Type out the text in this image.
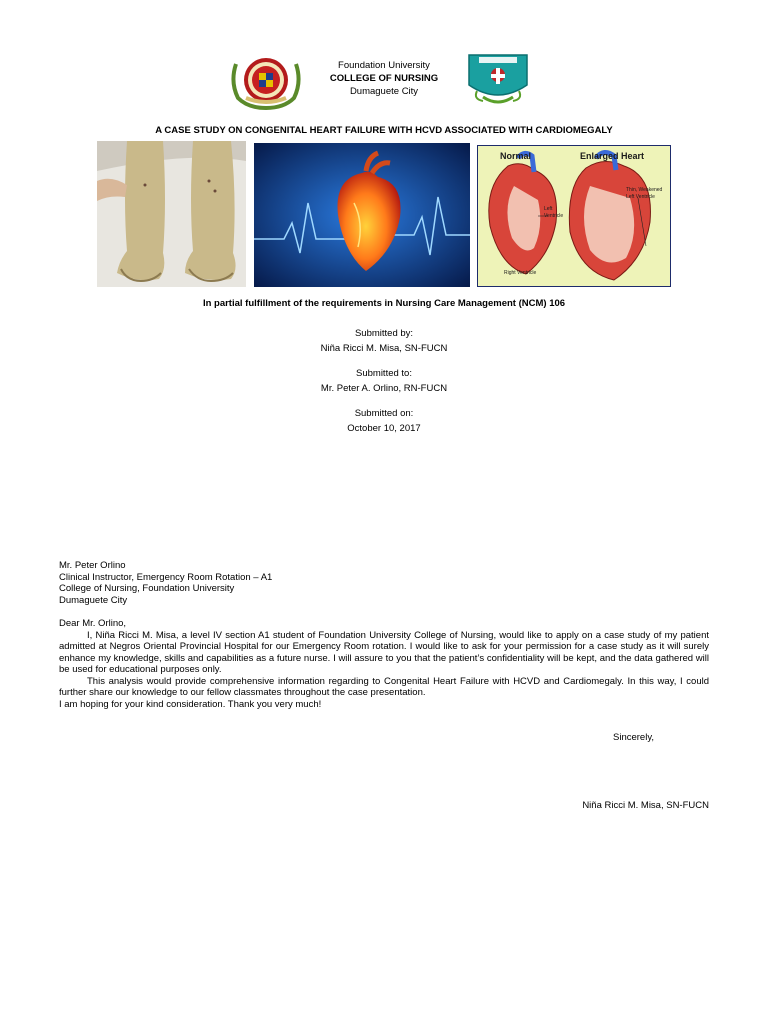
Foundation University
COLLEGE OF NURSING
Dumaguete City
A CASE STUDY ON CONGENITAL HEART FAILURE WITH HCVD ASSOCIATED WITH CARDIOMEGALY
Normal	Enlarged Heart
Thin, Weakened
Left Ventricle
Left
Ventricle
Right Ventricle
In partial fulfillment of the requirements in Nursing Care Management (NCM) 106
Submitted by:
Niña Ricci M. Misa, SN-FUCN
Submitted to:
Mr. Peter A. Orlino, RN-FUCN
Submitted on:
October 10, 2017
Mr. Peter Orlino
Clinical Instructor, Emergency Room Rotation – A1
College of Nursing, Foundation University
Dumaguete City
Dear Mr. Orlino,
I, Niña Ricci M. Misa, a level IV section A1 student of Foundation University College of Nursing, would like to apply on a case study of my patient admitted at Negros Oriental Provincial Hospital for our Emergency Room rotation. I would like to ask for your permission for a case study as it will surely enhance my knowledge, skills and capabilities as a future nurse. I will assure to you that the patient’s confidentiality will be kept, and the data gathered will be used for educational purposes only.
This analysis would provide comprehensive information regarding to Congenital Heart Failure with HCVD and Cardiomegaly. In this way, I could further share our knowledge to our fellow classmates throughout the case presentation.
I am hoping for your kind consideration. Thank you very much!
Sincerely,
Niña Ricci M. Misa, SN-FUCN
